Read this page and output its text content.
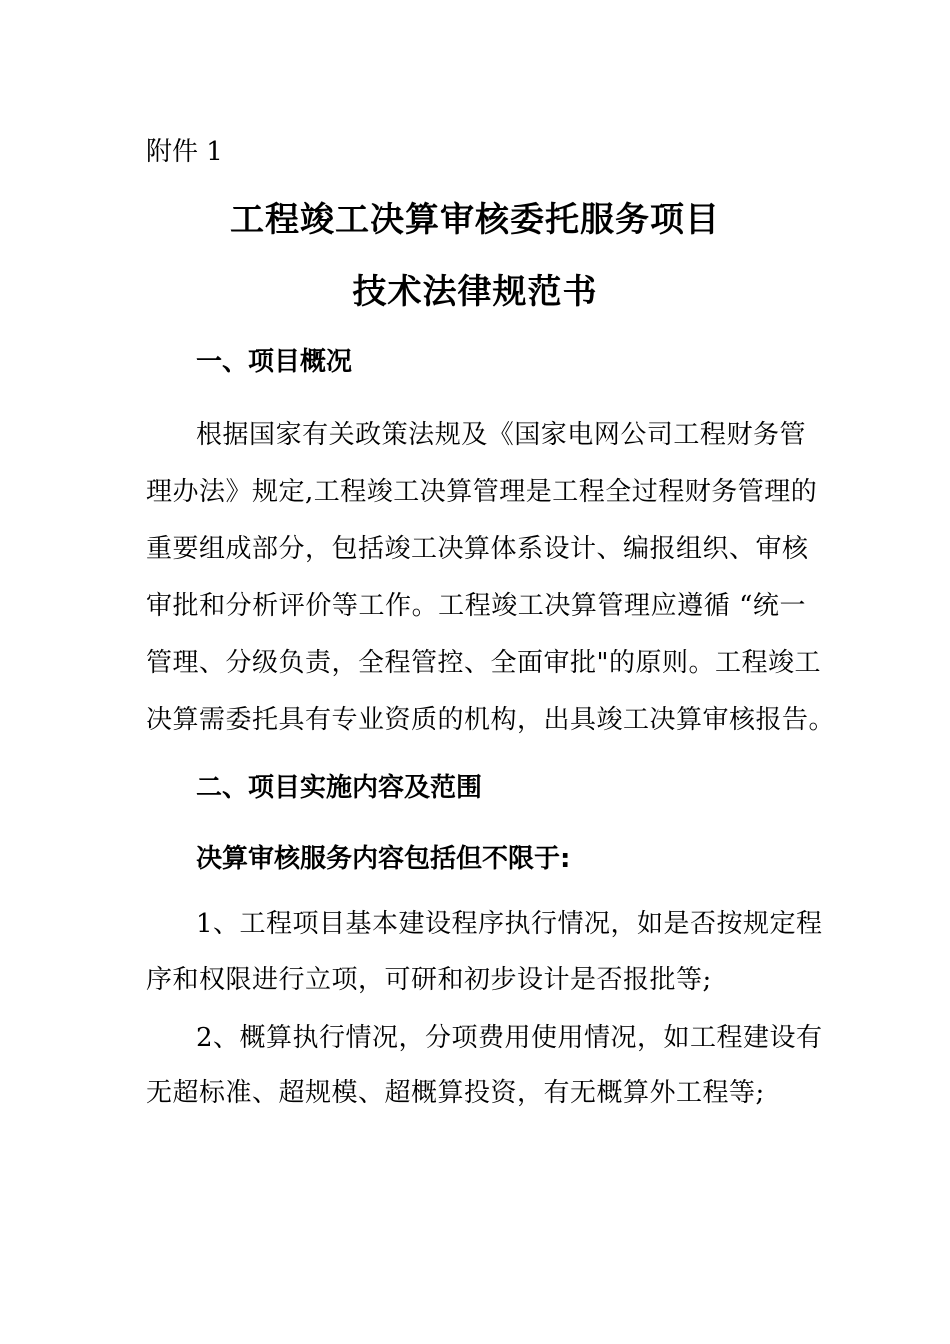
附件 1

工程竣工决算审核委托服务项目
技术法律规范书
一、项目概况

根据国家有关政策法规及《国家电网公司工程财务管

理办法》规定,工程竣工决算管理是工程全过程财务管理的

重要组成部分，包括竣工决算体系设计、编报组织、审核

审批和分析评价等工作。工程竣工决算管理应遵循 “统一

管理、分级负责，全程管控、全面审批"的原则。工程竣工

决算需委托具有专业资质的机构，出具竣工决算审核报告。

二、项目实施内容及范围
决算审核服务内容包括但不限于:

1、工程项目基本建设程序执行情况，如是否按规定程

序和权限进行立项，可研和初步设计是否报批等;

2、概算执行情况，分项费用使用情况，如工程建设有

无超标准、超规模、超概算投资，有无概算外工程等;
